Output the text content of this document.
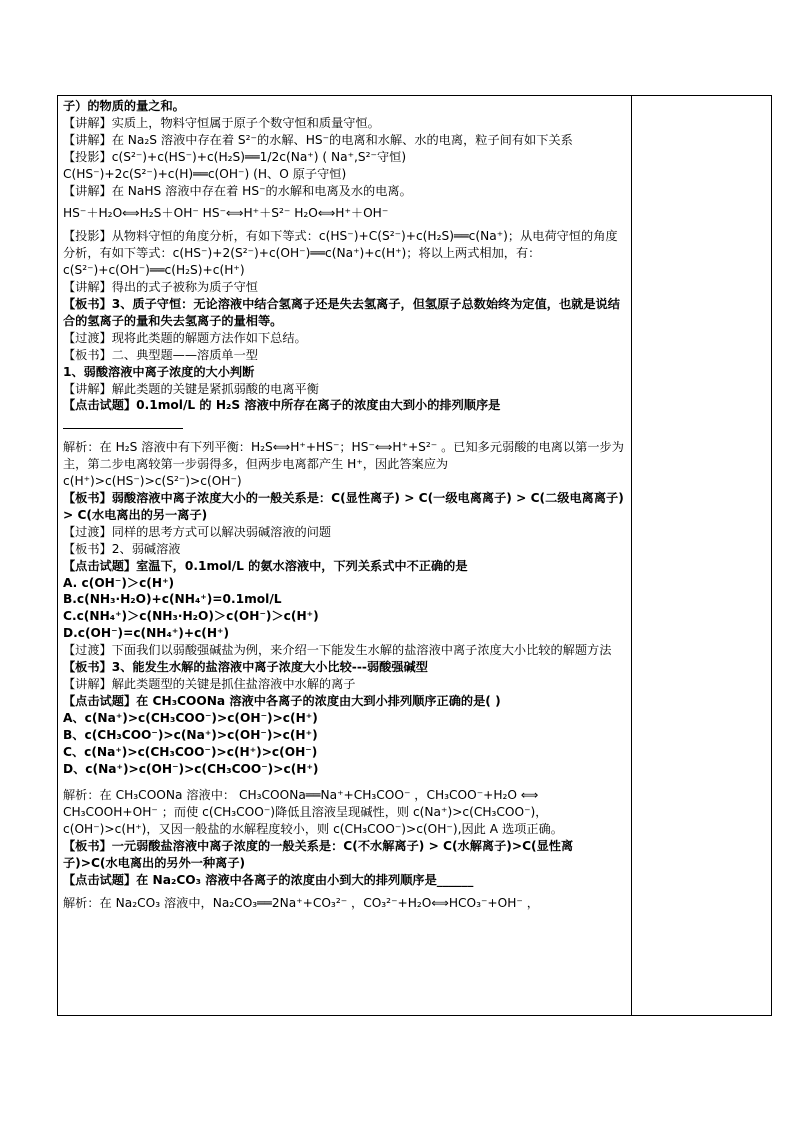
子）的物质的量之和。

【讲解】实质上，物料守恒属于原子个数守恒和质量守恒。

【讲解】在 Na₂S 溶液中存在着 S²⁻的水解、HS⁻的电离和水解、水的电离，粒子间有如下关系

【投影】c(S²⁻)+c(HS⁻)+c(H₂S)══1/2c(Na⁺) ( Na⁺,S²⁻守恒)

C(HS⁻)+2c(S²⁻)+c(H)══c(OH⁻) (H、O 原子守恒)

【讲解】在 NaHS 溶液中存在着 HS⁻的水解和电离及水的电离。

HS⁻＋H₂O⟺H₂S＋OH⁻ HS⁻⟺H⁺＋S²⁻ H₂O⟺H⁺＋OH⁻

【投影】从物料守恒的角度分析，有如下等式：c(HS⁻)+C(S²⁻)+c(H₂S)══c(Na⁺)；从电荷守恒的角度分析，有如下等式：c(HS⁻)+2(S²⁻)+c(OH⁻)══c(Na⁺)+c(H⁺)；将以上两式相加，有：c(S²⁻)+c(OH⁻)══c(H₂S)+c(H⁺)

【讲解】得出的式子被称为质子守恒

【板书】3、质子守恒：无论溶液中结合氢离子还是失去氢离子，但氢原子总数始终为定值，也就是说结合的氢离子的量和失去氢离子的量相等。

【过渡】现将此类题的解题方法作如下总结。

【板书】二、典型题——溶质单一型

1、弱酸溶液中离子浓度的大小判断

【讲解】解此类题的关键是紧抓弱酸的电离平衡

【点击试题】0.1mol/L 的 H₂S 溶液中所存在离子的浓度由大到小的排列顺序是

解析：在 H₂S 溶液中有下列平衡：H₂S⟺H⁺+HS⁻；HS⁻⟺H⁺+S²⁻ 。已知多元弱酸的电离以第一步为主，第二步电离较第一步弱得多，但两步电离都产生 H⁺，因此答案应为c(H⁺)>c(HS⁻)>c(S²⁻)>c(OH⁻)

【板书】弱酸溶液中离子浓度大小的一般关系是：C(显性离子) > C(一级电离离子) > C(二级电离离子) > C(水电离出的另一离子)

【过渡】同样的思考方式可以解决弱碱溶液的问题

【板书】2、弱碱溶液

【点击试题】室温下，0.1mol/L 的氨水溶液中，下列关系式中不正确的是

A. c(OH⁻)＞c(H⁺)

B.c(NH₃·H₂O)+c(NH₄⁺)=0.1mol/L

C.c(NH₄⁺)＞c(NH₃·H₂O)＞c(OH⁻)＞c(H⁺)

D.c(OH⁻)=c(NH₄⁺)+c(H⁺)

【过渡】下面我们以弱酸强碱盐为例，来介绍一下能发生水解的盐溶液中离子浓度大小比较的解题方法

【板书】3、能发生水解的盐溶液中离子浓度大小比较---弱酸强碱型

【讲解】解此类题型的关键是抓住盐溶液中水解的离子

【点击试题】在 CH₃COONa 溶液中各离子的浓度由大到小排列顺序正确的是( )

A、c(Na⁺)>c(CH₃COO⁻)>c(OH⁻)>c(H⁺)

B、c(CH₃COO⁻)>c(Na⁺)>c(OH⁻)>c(H⁺)

C、c(Na⁺)>c(CH₃COO⁻)>c(H⁺)>c(OH⁻)

D、c(Na⁺)>c(OH⁻)>c(CH₃COO⁻)>c(H⁺)

解析：在 CH₃COONa 溶液中： CH₃COONa══Na⁺+CH₃COO⁻ ，CH₃COO⁻+H₂O ⟺ CH₃COOH+OH⁻ ；而使 c(CH₃COO⁻)降低且溶液呈现碱性，则 c(Na⁺)>c(CH₃COO⁻)，c(OH⁻)>c(H⁺)，又因一般盐的水解程度较小，则 c(CH₃COO⁻)>c(OH⁻),因此 A 选项正确。

【板书】一元弱酸盐溶液中离子浓度的一般关系是：C(不水解离子) > C(水解离子)>C(显性离子)>C(水电离出的另外一种离子)

【点击试题】在 Na₂CO₃ 溶液中各离子的浓度由小到大的排列顺序是______

解析：在 Na₂CO₃ 溶液中，Na₂CO₃══2Na⁺+CO₃²⁻ ，CO₃²⁻+H₂O⟺HCO₃⁻+OH⁻ ，
